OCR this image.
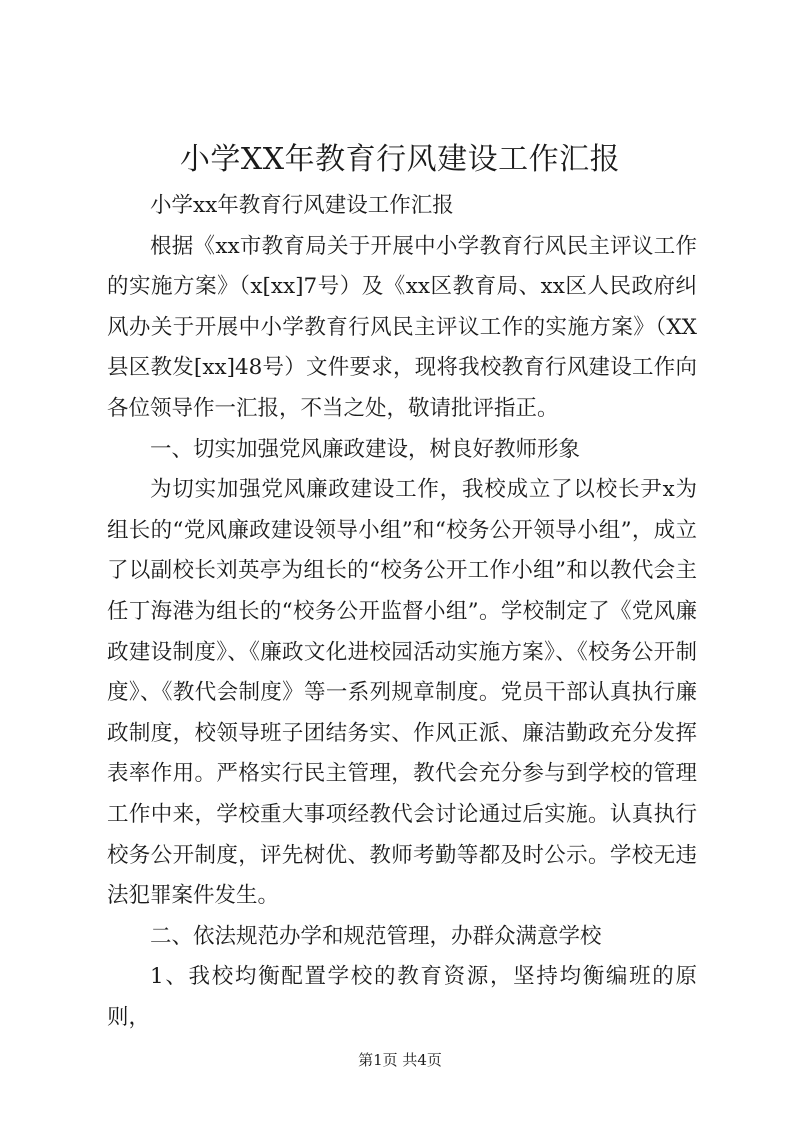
小学XX年教育行风建设工作汇报

小学xx年教育行风建设工作汇报

根据《xx市教育局关于开展中小学教育行风民主评议工作的实施方案》（x[xx]7号）及《xx区教育局、xx区人民政府纠风办关于开展中小学教育行风民主评议工作的实施方案》（XX县区教发[xx]48号）文件要求，现将我校教育行风建设工作向各位领导作一汇报，不当之处，敬请批评指正。

一、切实加强党风廉政建设，树良好教师形象

为切实加强党风廉政建设工作，我校成立了以校长尹x为组长的“党风廉政建设领导小组”和“校务公开领导小组”，成立了以副校长刘英亭为组长的“校务公开工作小组”和以教代会主任丁海港为组长的“校务公开监督小组”。学校制定了《党风廉政建设制度》、《廉政文化进校园活动实施方案》、《校务公开制度》、《教代会制度》等一系列规章制度。党员干部认真执行廉政制度，校领导班子团结务实、作风正派、廉洁勤政充分发挥表率作用。严格实行民主管理，教代会充分参与到学校的管理工作中来，学校重大事项经教代会讨论通过后实施。认真执行校务公开制度，评先树优、教师考勤等都及时公示。学校无违法犯罪案件发生。

二、依法规范办学和规范管理，办群众满意学校

1、我校均衡配置学校的教育资源，坚持均衡编班的原则，

第1页 共4页
